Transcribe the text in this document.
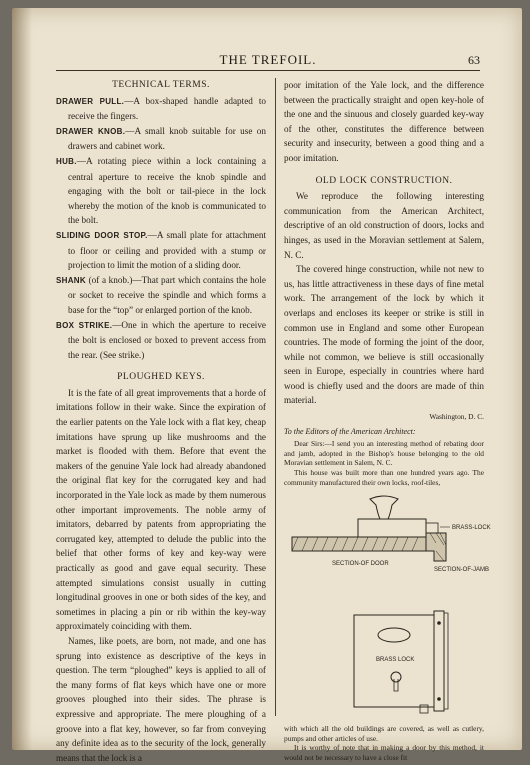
THE TREFOIL.	63
TECHNICAL TERMS.

DRAWER PULL.—A box-shaped handle adapted to receive the fingers.

DRAWER KNOB.—A small knob suitable for use on drawers and cabinet work.

HUB.—A rotating piece within a lock containing a central aperture to receive the knob spindle and engaging with the bolt or tail-piece in the lock whereby the motion of the knob is communicated to the bolt.

SLIDING DOOR STOP.—A small plate for attachment to floor or ceiling and provided with a stump or projection to limit the motion of a sliding door.

SHANK (of a knob.)—That part which contains the hole or socket to receive the spindle and which forms a base for the “top” or enlarged portion of the knob.

BOX STRIKE.—One in which the aperture to receive the bolt is enclosed or boxed to prevent access from the rear. (See strike.)

PLOUGHED KEYS.

It is the fate of all great improvements that a horde of imitations follow in their wake. Since the expiration of the earlier patents on the Yale lock with a flat key, cheap imitations have sprung up like mushrooms and the market is flooded with them. Before that event the makers of the genuine Yale lock had already abandoned the original flat key for the corrugated key and had incorporated in the Yale lock as made by them numerous other important improvements. The noble army of imitators, debarred by patents from appropriating the corrugated key, attempted to delude the public into the belief that other forms of key and key-way were practically as good and gave equal security. These attempted simulations consist usually in cutting longitudinal grooves in one or both sides of the key, and sometimes in placing a pin or rib within the key-way approximately coinciding with them.

Names, like poets, are born, not made, and one has sprung into existence as descriptive of the keys in question. The term “ploughed” keys is applied to all of the many forms of flat keys which have one or more grooves ploughed into their sides. The phrase is expressive and appropriate. The mere ploughing of a groove into a flat key, however, so far from conveying any definite idea as to the security of the lock, generally means that the lock is a

poor imitation of the Yale lock, and the difference between the practically straight and open key-hole of the one and the sinuous and closely guarded key-way of the other, constitutes the difference between security and insecurity, between a good thing and a poor imitation.

OLD LOCK CONSTRUCTION.

We reproduce the following interesting communication from the American Architect, descriptive of an old construction of doors, locks and hinges, as used in the Moravian settlement at Salem, N. C.

The covered hinge construction, while not new to us, has little attractiveness in these days of fine metal work. The arrangement of the lock by which it overlaps and encloses its keeper or strike is still in common use in England and some other European countries. The mode of forming the joint of the door, while not common, we believe is still occasionally seen in Europe, especially in countries where hard wood is chiefly used and the doors are made of thin material.

Washington, D. C.

To the Editors of the American Architect:

Dear Sirs:—I send you an interesting method of rebating door and jamb, adopted in the Bishop's house belonging to the old Moravian settlement in Salem, N. C.

This house was built more than one hundred years ago. The community manufactured their own locks, roof-tiles,

BRASS-LOCK
SECTION-OF DOOR
SECTION-OF-JAMB
BRASS LOCK

with which all the old buildings are covered, as well as cutlery, pumps and other articles of use.

It is worthy of note that in making a door by this method, it would not be necessary to have a close fit
